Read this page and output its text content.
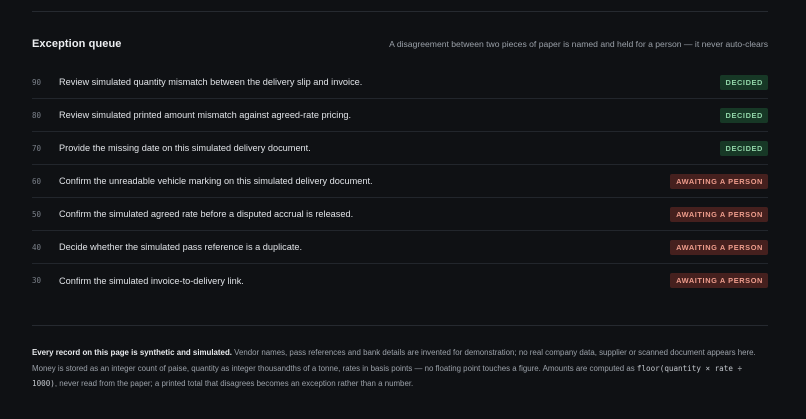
Exception queue	A disagreement between two pieces of paper is named and held for a person — it never auto-clears
90	Review simulated quantity mismatch between the delivery slip and invoice.	DECIDED
80	Review simulated printed amount mismatch against agreed-rate pricing.	DECIDED
70	Provide the missing date on this simulated delivery document.	DECIDED
60	Confirm the unreadable vehicle marking on this simulated delivery document.	AWAITING A PERSON
50	Confirm the simulated agreed rate before a disputed accrual is released.	AWAITING A PERSON
40	Decide whether the simulated pass reference is a duplicate.	AWAITING A PERSON
30	Confirm the simulated invoice-to-delivery link.	AWAITING A PERSON
Every record on this page is synthetic and simulated. Vendor names, pass references and bank details are invented for demonstration; no real company data, supplier or scanned document appears here. Money is stored as an integer count of paise, quantity as integer thousandths of a tonne, rates in basis points — no floating point touches a figure. Amounts are computed as floor(quantity × rate ÷ 1000), never read from the paper; a printed total that disagrees becomes an exception rather than a number.
